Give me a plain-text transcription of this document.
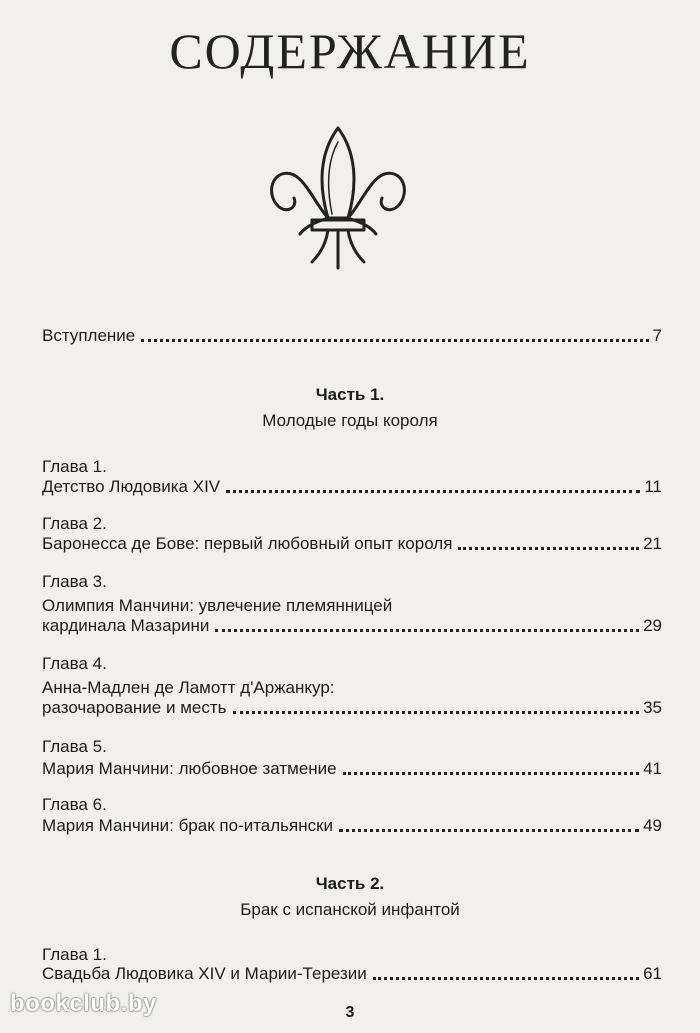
СОДЕРЖАНИЕ
Вступление	7
Часть 1.
Молодые годы короля
Глава 1.
Детство Людовика XIV	11
Глава 2.
Баронесса де Бове: первый любовный опыт короля	21
Глава 3.
Олимпия Манчини: увлечение племянницей
кардинала Мазарини	29
Глава 4.
Анна-Мадлен де Ламотт д'Аржанкур:
разочарование и месть	35
Глава 5.
Мария Манчини: любовное затмение	41
Глава 6.
Мария Манчини: брак по-итальянски	49
Часть 2.
Брак с испанской инфантой
Глава 1.
Свадьба Людовика XIV и Марии-Терезии	61
3
bookclub.by
